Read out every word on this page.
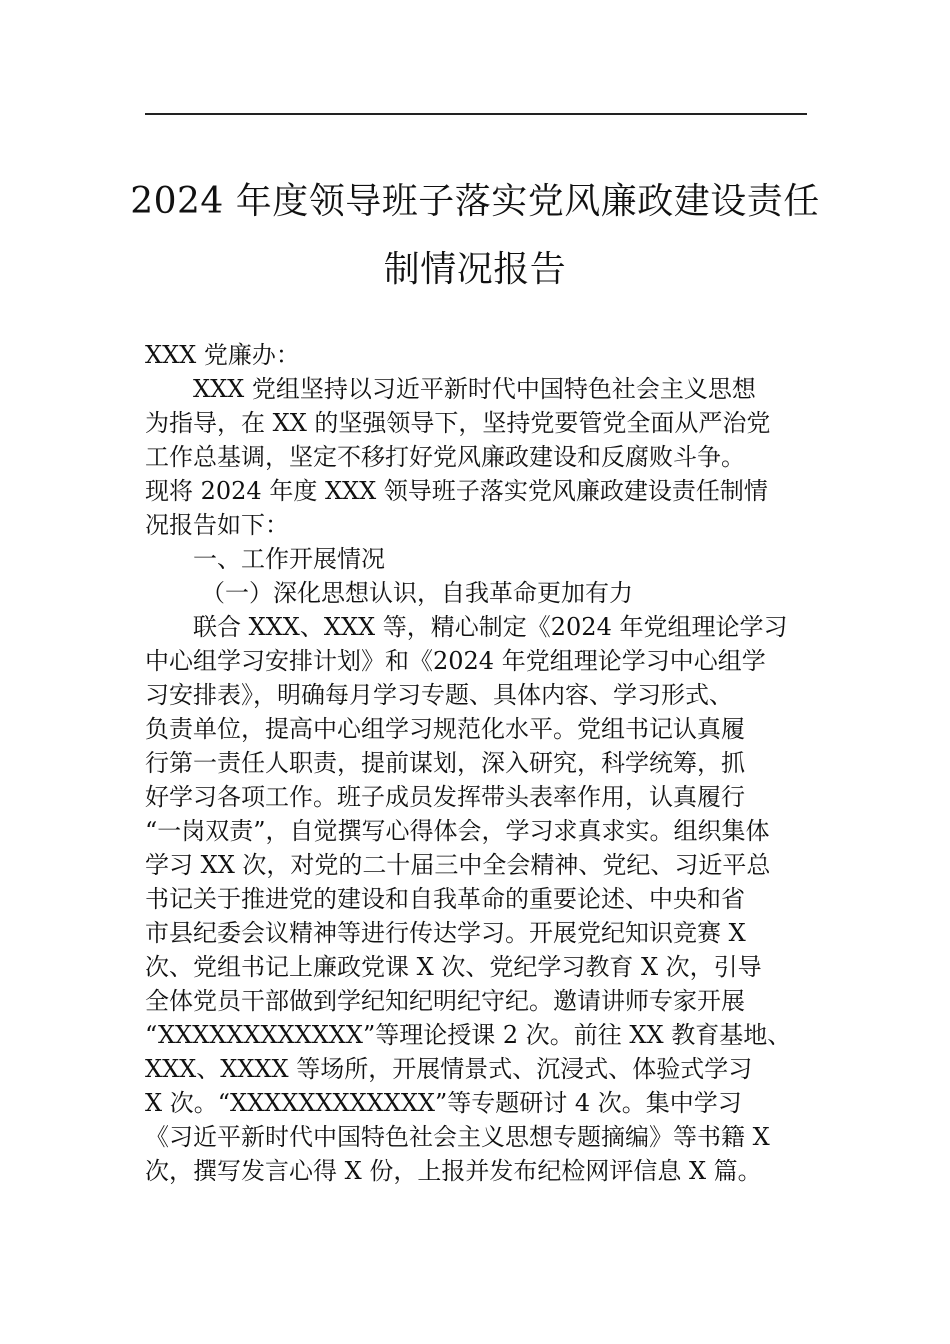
2024 年度领导班子落实党风廉政建设责任
制情况报告
XXX 党廉办：
XXX 党组坚持以习近平新时代中国特色社会主义思想
为指导，在 XX 的坚强领导下，坚持党要管党全面从严治党
工作总基调，坚定不移打好党风廉政建设和反腐败斗争。
现将 2024 年度 XXX 领导班子落实党风廉政建设责任制情
况报告如下：
一、工作开展情况
（一）深化思想认识，自我革命更加有力
联合 XXX、XXX 等，精心制定《2024 年党组理论学习
中心组学习安排计划》和《2024 年党组理论学习中心组学
习安排表》，明确每月学习专题、具体内容、学习形式、
负责单位，提高中心组学习规范化水平。党组书记认真履
行第一责任人职责，提前谋划，深入研究，科学统筹，抓
好学习各项工作。班子成员发挥带头表率作用，认真履行
“一岗双责”，自觉撰写心得体会，学习求真求实。组织集体
学习 XX 次，对党的二十届三中全会精神、党纪、习近平总
书记关于推进党的建设和自我革命的重要论述、中央和省
市县纪委会议精神等进行传达学习。开展党纪知识竞赛 X
次、党组书记上廉政党课 X 次、党纪学习教育 X 次，引导
全体党员干部做到学纪知纪明纪守纪。邀请讲师专家开展
“XXXXXXXXXXXX”等理论授课 2 次。前往 XX 教育基地、
XXX、XXXX 等场所，开展情景式、沉浸式、体验式学习
X 次。“XXXXXXXXXXXX”等专题研讨 4 次。集中学习
《习近平新时代中国特色社会主义思想专题摘编》等书籍 X
次，撰写发言心得 X 份，上报并发布纪检网评信息 X 篇。
